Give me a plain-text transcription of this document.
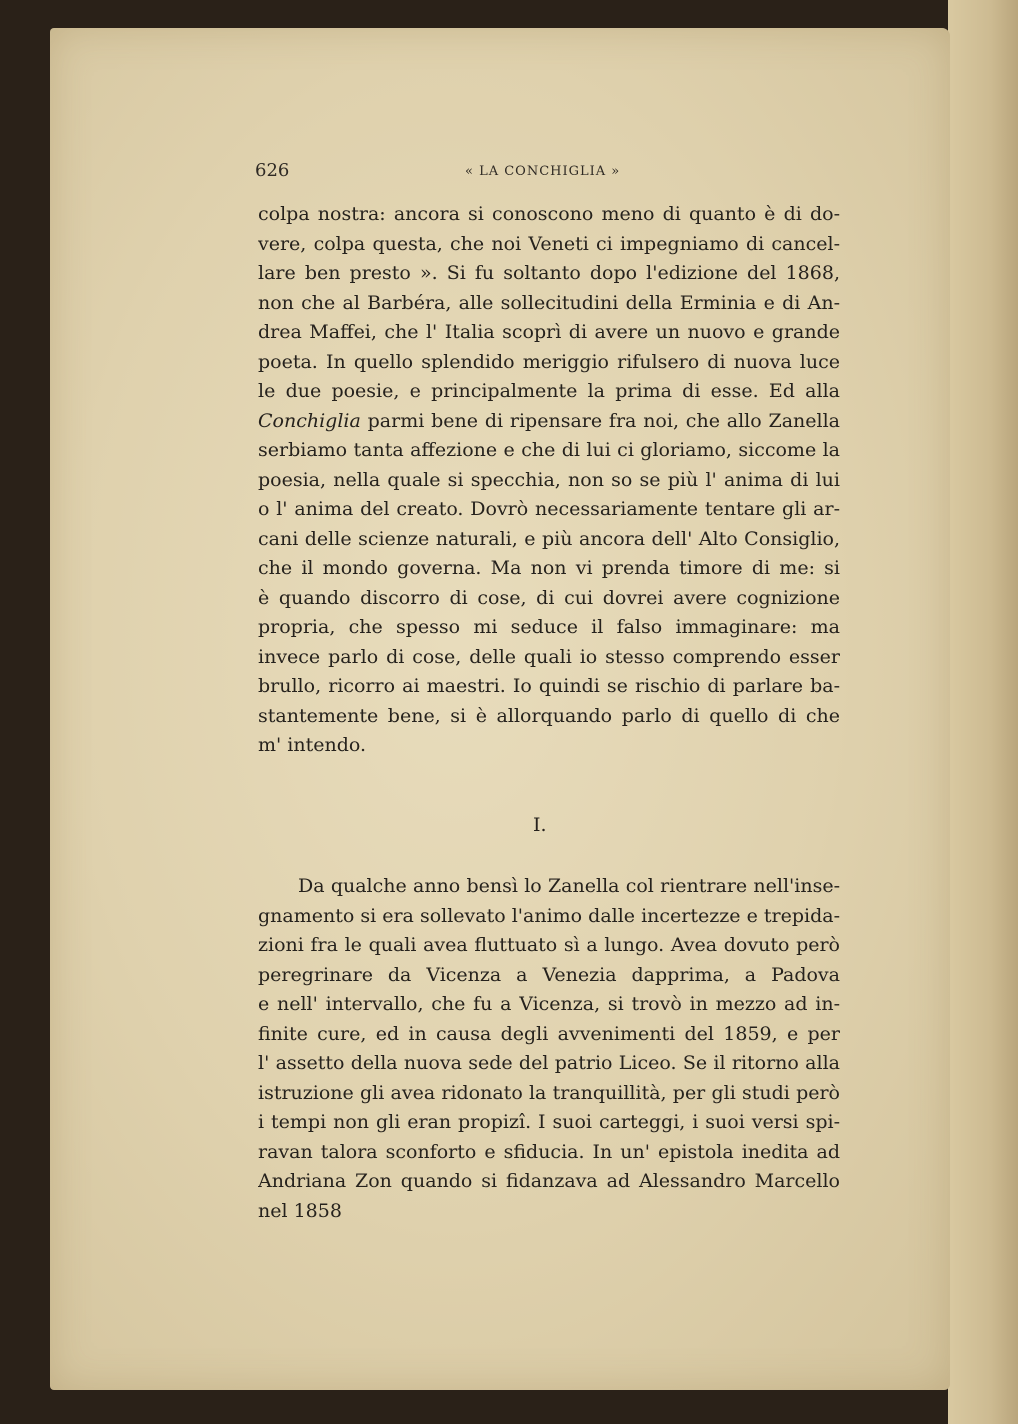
626	« LA CONCHIGLIA »
colpa nostra: ancora si conoscono meno di quanto è di do-
vere, colpa questa, che noi Veneti ci impegniamo di cancel-
lare ben presto ». Si fu soltanto dopo l'edizione del 1868,
non che al Barbéra, alle sollecitudini della Erminia e di An-
drea Maffei, che l' Italia scoprì di avere un nuovo e grande
poeta. In quello splendido meriggio rifulsero di nuova luce
le due poesie, e principalmente la prima di esse. Ed alla
Conchiglia parmi bene di ripensare fra noi, che allo Zanella
serbiamo tanta affezione e che di lui ci gloriamo, siccome la
poesia, nella quale si specchia, non so se più l' anima di lui
o l' anima del creato. Dovrò necessariamente tentare gli ar-
cani delle scienze naturali, e più ancora dell' Alto Consiglio,
che il mondo governa. Ma non vi prenda timore di me: si
è quando discorro di cose, di cui dovrei avere cognizione
propria, che spesso mi seduce il falso immaginare: ma
invece parlo di cose, delle quali io stesso comprendo esser
brullo, ricorro ai maestri. Io quindi se rischio di parlare ba-
stantemente bene, si è allorquando parlo di quello di che
m' intendo.
I.
Da qualche anno bensì lo Zanella col rientrare nell'inse-
gnamento si era sollevato l'animo dalle incertezze e trepida-
zioni fra le quali avea fluttuato sì a lungo. Avea dovuto però
peregrinare da Vicenza a Venezia dapprima, a Padova
e nell' intervallo, che fu a Vicenza, si trovò in mezzo ad in-
finite cure, ed in causa degli avvenimenti del 1859, e per
l' assetto della nuova sede del patrio Liceo. Se il ritorno alla
istruzione gli avea ridonato la tranquillità, per gli studi però
i tempi non gli eran propizî. I suoi carteggi, i suoi versi spi-
ravan talora sconforto e sfiducia. In un' epistola inedita ad
Andriana Zon quando si fidanzava ad Alessandro Marcello
nel 1858
